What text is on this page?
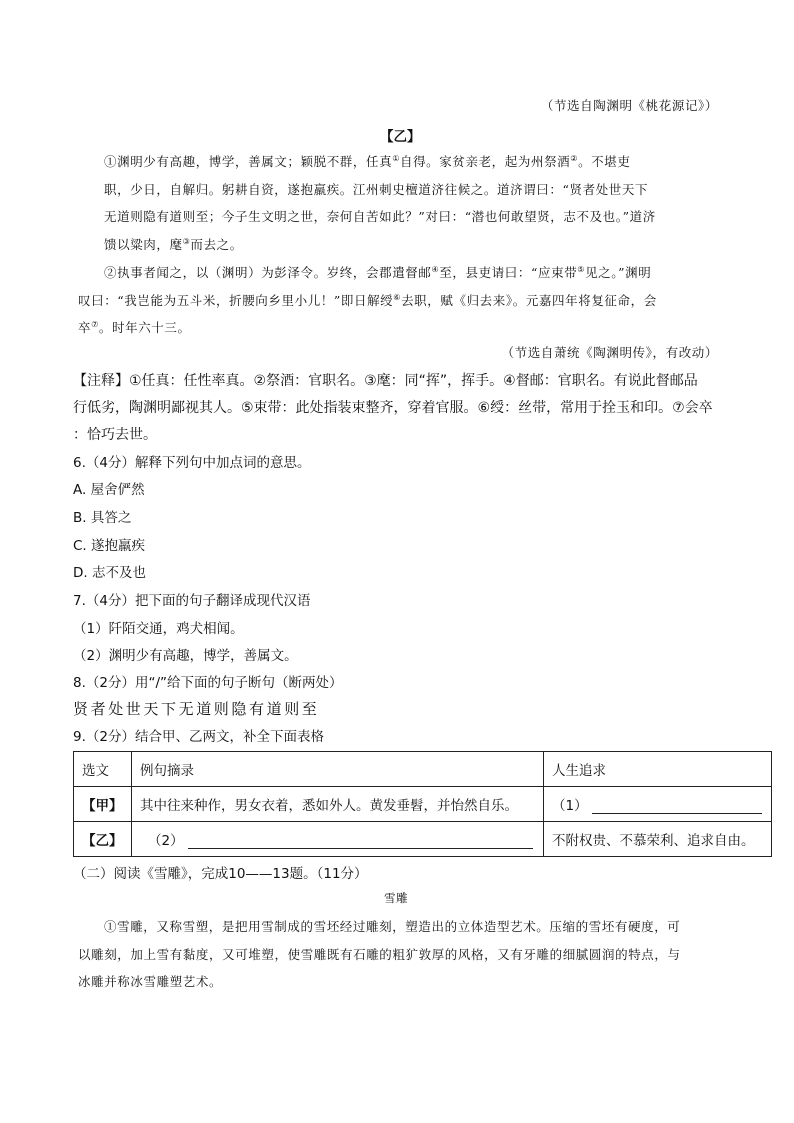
（节选自陶渊明《桃花源记》）
【乙】
①渊明少有高趣，博学，善属文；颖脱不群，任真①自得。家贫亲老，起为州祭酒②。不堪吏
职，少日，自解归。躬耕自资，遂抱羸疾。江州刺史檀道济往候之。道济谓曰：“贤者处世天下
无道则隐有道则至；今子生文明之世，奈何自苦如此？”对曰：“潜也何敢望贤，志不及也。”道济
馈以粱肉，麾③而去之。
②执事者闻之，以（渊明）为彭泽令。岁终，会郡遣督邮④至，县吏请曰：“应束带⑤见之。”渊明
叹曰：“我岂能为五斗米，折腰向乡里小儿！”即日解绶⑥去职，赋《归去来》。元嘉四年将复征命，会
卒⑦。时年六十三。
（节选自萧统《陶渊明传》，有改动）
【注释】①任真：任性率真。②祭酒：官职名。③麾：同“挥”，挥手。④督邮：官职名。有说此督邮品
行低劣，陶渊明鄙视其人。⑤束带：此处指装束整齐，穿着官服。⑥绶：丝带，常用于拴玉和印。⑦会卒
：恰巧去世。
6.（4分）解释下列句中加点词的意思。
A. 屋舍俨然
B. 具答之
C. 遂抱羸疾
D. 志不及也
7.（4分）把下面的句子翻译成现代汉语
（1）阡陌交通，鸡犬相闻。
（2）渊明少有高趣，博学，善属文。
8.（2分）用“/”给下面的句子断句（断两处）
贤者处世天下无道则隐有道则至
9.（2分）结合甲、乙两文，补全下面表格
选文	例句摘录	人生追求
【甲】	其中往来种作，男女衣着，悉如外人。黄发垂髫，并怡然自乐。	（1）
【乙】	（2）	不附权贵、不慕荣利、追求自由。
（二）阅读《雪雕》，完成10——13题。（11分）
雪雕
①雪雕，又称雪塑，是把用雪制成的雪坯经过雕刻，塑造出的立体造型艺术。压缩的雪坯有硬度，可
以雕刻，加上雪有黏度，又可堆塑，使雪雕既有石雕的粗犷敦厚的风格，又有牙雕的细腻圆润的特点，与
冰雕并称冰雪雕塑艺术。
